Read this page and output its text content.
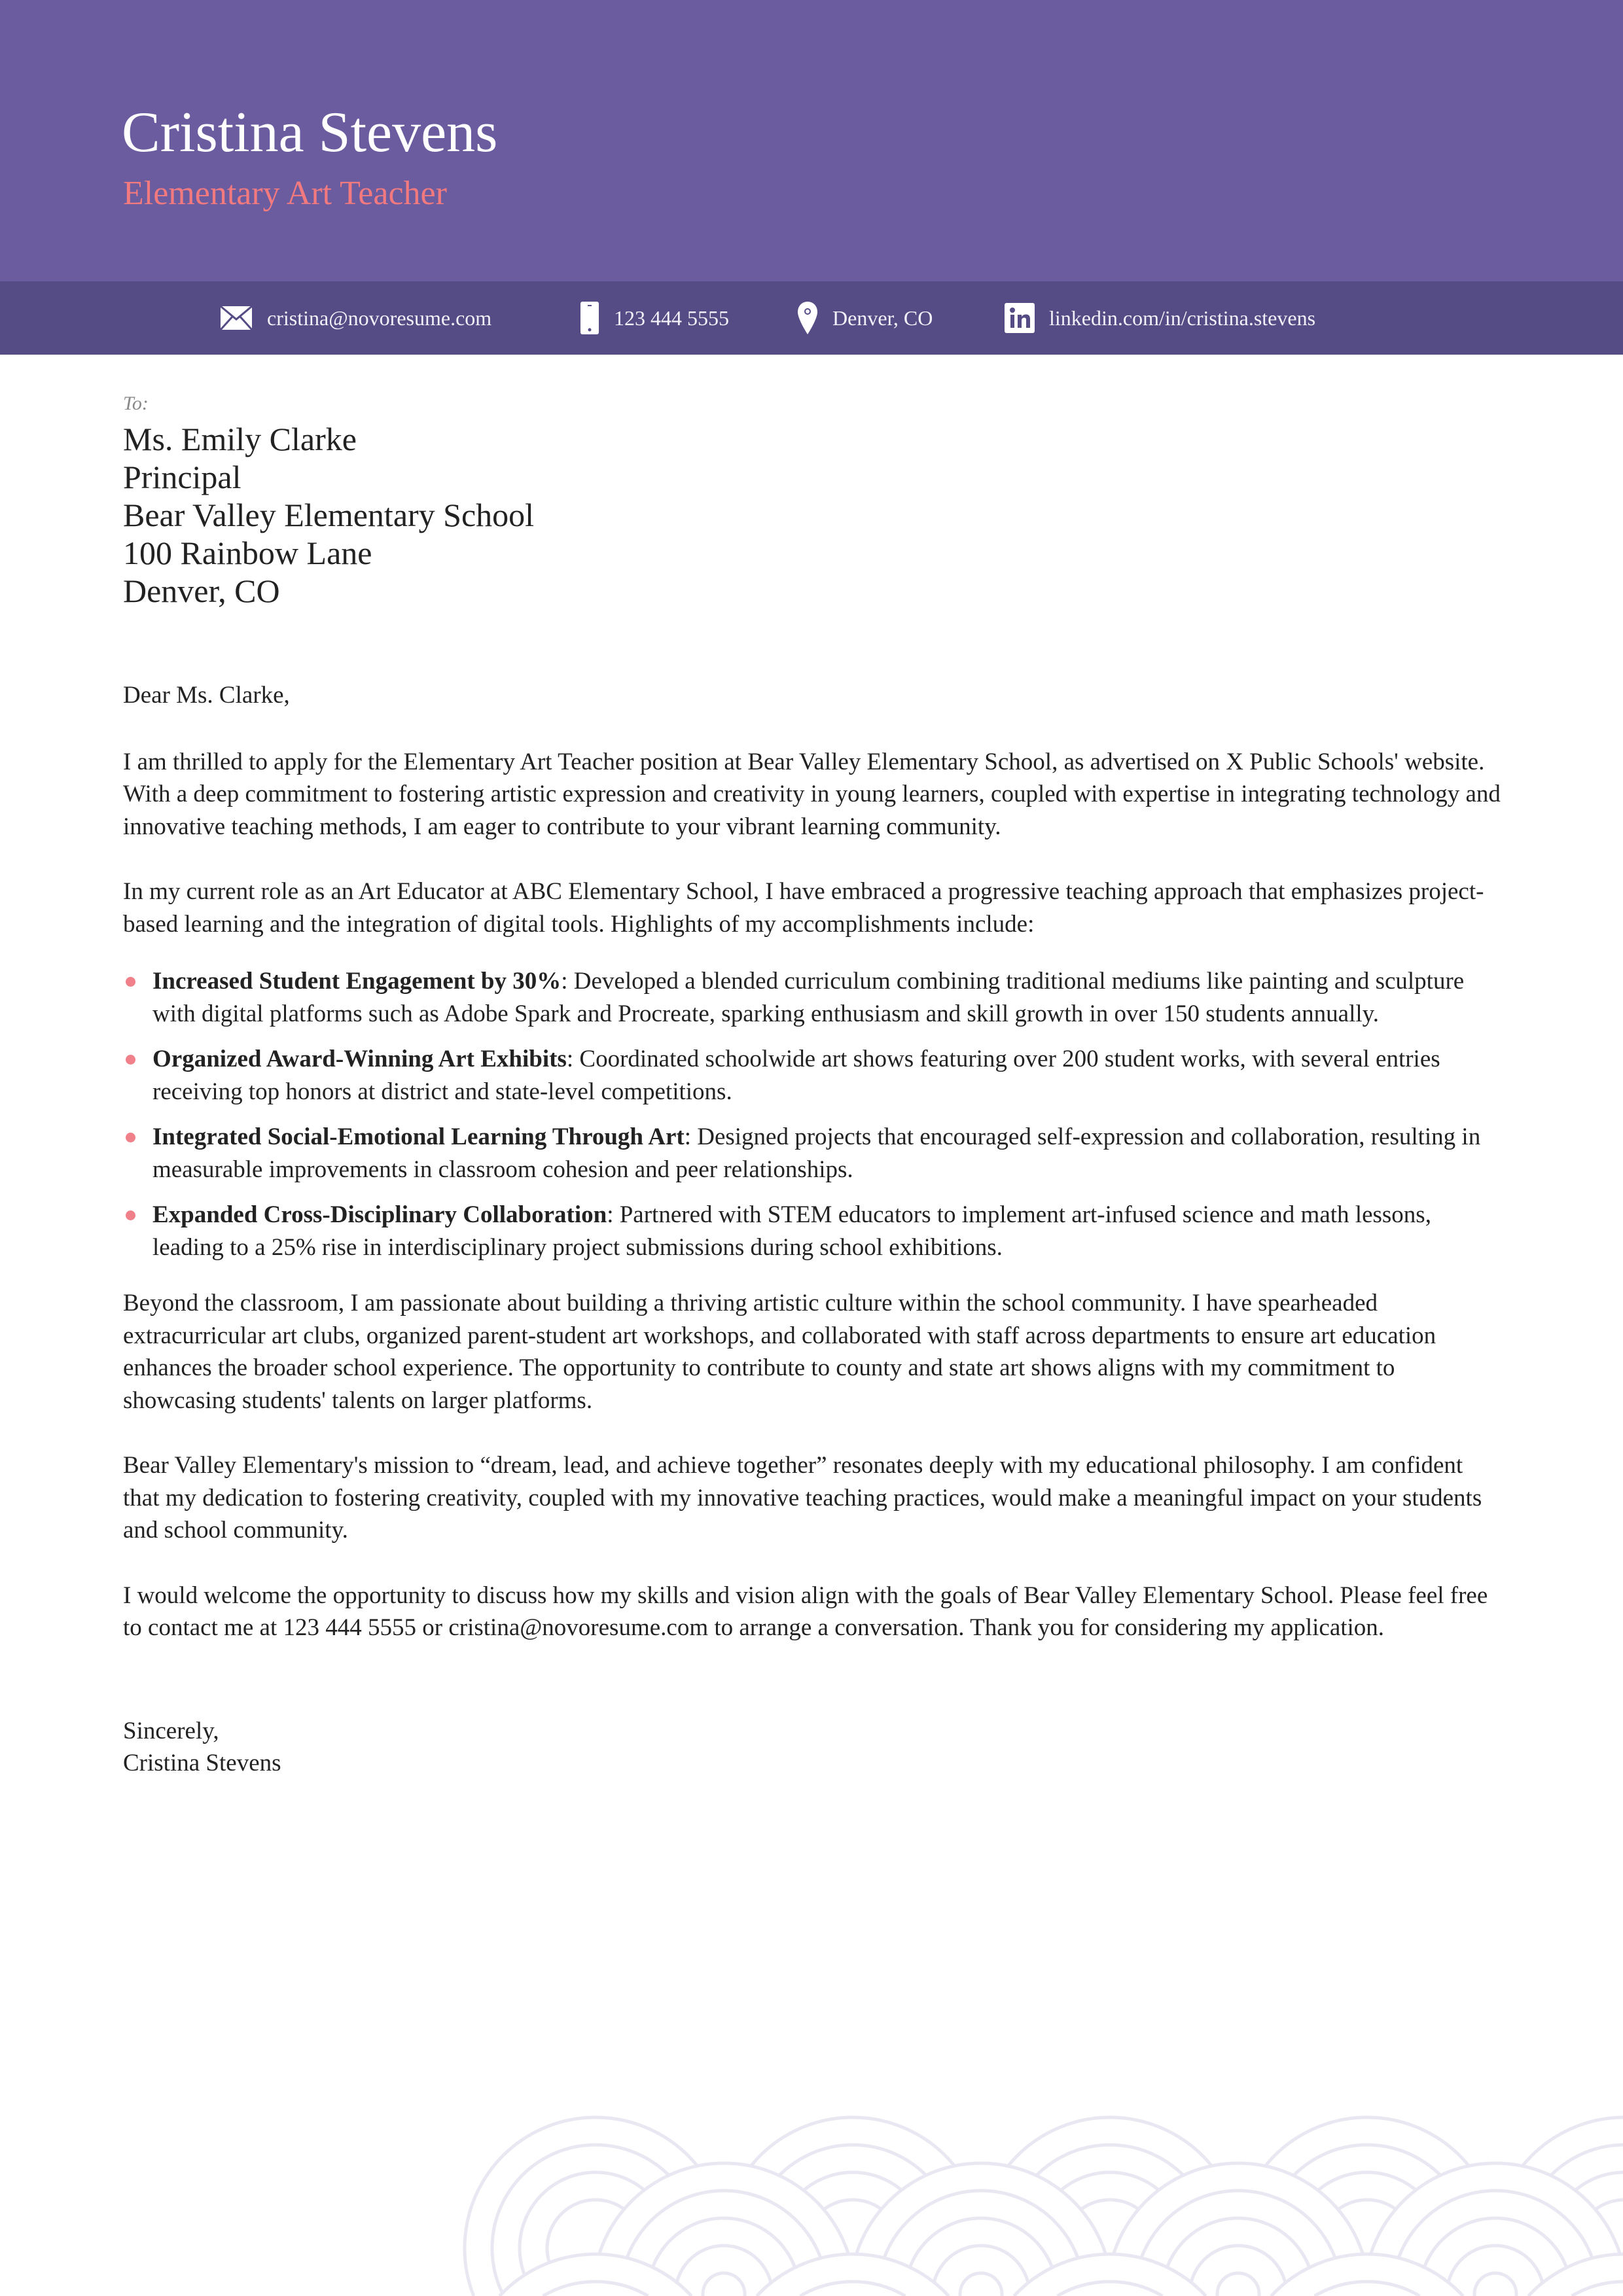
Cristina Stevens
Elementary Art Teacher
cristina@novoresume.com	123 444 5555	Denver, CO	linkedin.com/in/cristina.stevens
To:
Ms. Emily Clarke
Principal
Bear Valley Elementary School
100 Rainbow Lane
Denver, CO

Dear Ms. Clarke,

I am thrilled to apply for the Elementary Art Teacher position at Bear Valley Elementary School, as advertised on X Public Schools' website. With a deep commitment to fostering artistic expression and creativity in young learners, coupled with expertise in integrating technology and innovative teaching methods, I am eager to contribute to your vibrant learning community.

In my current role as an Art Educator at ABC Elementary School, I have embraced a progressive teaching approach that emphasizes project-based learning and the integration of digital tools. Highlights of my accomplishments include:

Increased Student Engagement by 30%: Developed a blended curriculum combining traditional mediums like painting and sculpture with digital platforms such as Adobe Spark and Procreate, sparking enthusiasm and skill growth in over 150 students annually.
Organized Award-Winning Art Exhibits: Coordinated schoolwide art shows featuring over 200 student works, with several entries receiving top honors at district and state-level competitions.
Integrated Social-Emotional Learning Through Art: Designed projects that encouraged self-expression and collaboration, resulting in measurable improvements in classroom cohesion and peer relationships.
Expanded Cross-Disciplinary Collaboration: Partnered with STEM educators to implement art-infused science and math lessons, leading to a 25% rise in interdisciplinary project submissions during school exhibitions.

Beyond the classroom, I am passionate about building a thriving artistic culture within the school community. I have spearheaded extracurricular art clubs, organized parent-student art workshops, and collaborated with staff across departments to ensure art education enhances the broader school experience. The opportunity to contribute to county and state art shows aligns with my commitment to showcasing students' talents on larger platforms.

Bear Valley Elementary's mission to “dream, lead, and achieve together” resonates deeply with my educational philosophy. I am confident that my dedication to fostering creativity, coupled with my innovative teaching practices, would make a meaningful impact on your students and school community.

I would welcome the opportunity to discuss how my skills and vision align with the goals of Bear Valley Elementary School. Please feel free to contact me at 123 444 5555 or cristina@novoresume.com to arrange a conversation. Thank you for considering my application.

Sincerely,

Cristina Stevens
